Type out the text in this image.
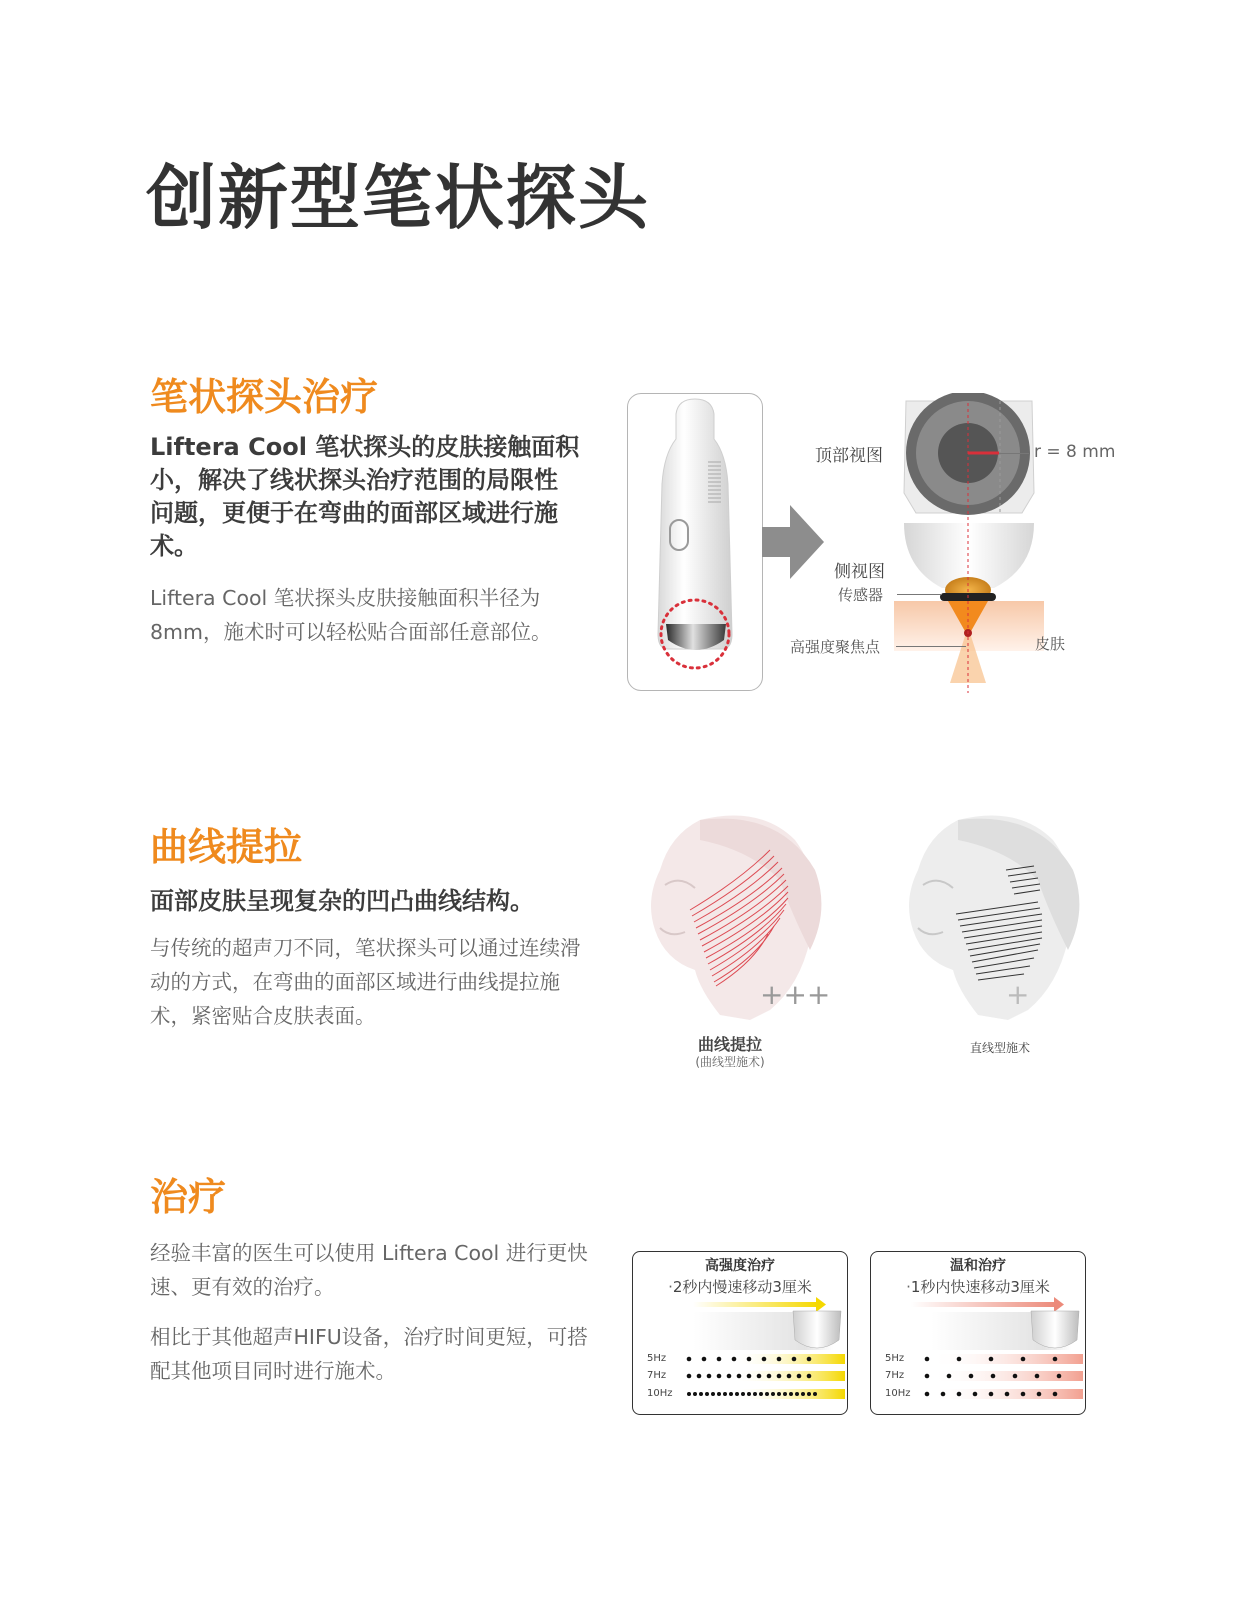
创新型笔状探头
笔状探头治疗
Liftera Cool 笔状探头的皮肤接触面积小，解决了线状探头治疗范围的局限性问题，更便于在弯曲的面部区域进行施术。
Liftera Cool 笔状探头皮肤接触面积半径为8mm，施术时可以轻松贴合面部任意部位。
顶部视图	r = 8 mm
侧视图
传感器
高强度聚焦点	皮肤
曲线提拉
面部皮肤呈现复杂的凹凸曲线结构。
与传统的超声刀不同，笔状探头可以通过连续滑动的方式，在弯曲的面部区域进行曲线提拉施术，紧密贴合皮肤表面。
+++
曲线提拉
(曲线型施术)
+
直线型施术
治疗
经验丰富的医生可以使用 Liftera Cool 进行更快速、更有效的治疗。
相比于其他超声HIFU设备，治疗时间更短，可搭配其他项目同时进行施术。
高强度治疗
·2秒内慢速移动3厘米
5Hz
7Hz
10Hz
温和治疗
·1秒内快速移动3厘米
5Hz
7Hz
10Hz
